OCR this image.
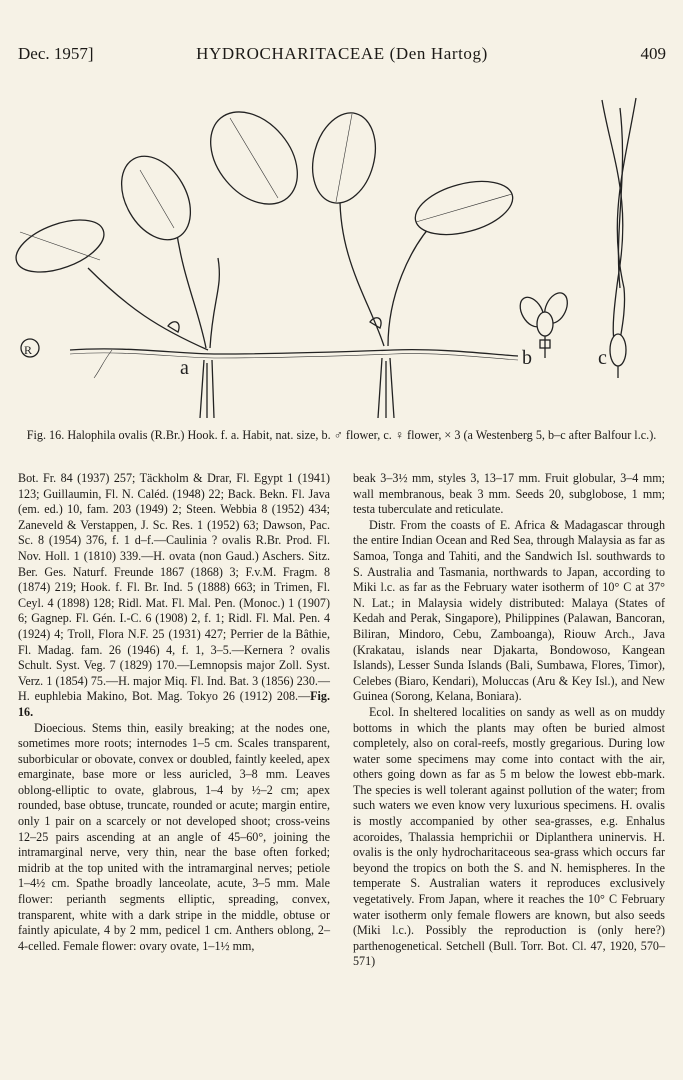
Dec. 1957]	HYDROCHARITACEAE (Den Hartog)	409
R
a	b	c
Fig. 16. Halophila ovalis (R.Br.) Hook. f. a. Habit, nat. size, b. ♂ flower, c. ♀ flower, × 3 (a Westenberg 5, b–c after Balfour l.c.).

Bot. Fr. 84 (1937) 257; Täckholm & Drar, Fl. Egypt 1 (1941) 123; Guillaumin, Fl. N. Caléd. (1948) 22; Back. Bekn. Fl. Java (em. ed.) 10, fam. 203 (1949) 2; Steen. Webbia 8 (1952) 434; Zaneveld & Verstappen, J. Sc. Res. 1 (1952) 63; Dawson, Pac. Sc. 8 (1954) 376, f. 1 d–f.—Caulinia ? ovalis R.Br. Prod. Fl. Nov. Holl. 1 (1810) 339.—H. ovata (non Gaud.) Aschers. Sitz. Ber. Ges. Naturf. Freunde 1867 (1868) 3; F.v.M. Fragm. 8 (1874) 219; Hook. f. Fl. Br. Ind. 5 (1888) 663; in Trimen, Fl. Ceyl. 4 (1898) 128; Ridl. Mat. Fl. Mal. Pen. (Monoc.) 1 (1907) 6; Gagnep. Fl. Gén. I.-C. 6 (1908) 2, f. 1; Ridl. Fl. Mal. Pen. 4 (1924) 4; Troll, Flora N.F. 25 (1931) 427; Perrier de la Bâthie, Fl. Madag. fam. 26 (1946) 4, f. 1, 3–5.—Kernera ? ovalis Schult. Syst. Veg. 7 (1829) 170.—Lemnopsis major Zoll. Syst. Verz. 1 (1854) 75.—H. major Miq. Fl. Ind. Bat. 3 (1856) 230.— H. euphlebia Makino, Bot. Mag. Tokyo 26 (1912) 208.—Fig. 16.

Dioecious. Stems thin, easily breaking; at the nodes one, sometimes more roots; internodes 1–5 cm. Scales transparent, suborbicular or obovate, convex or doubled, faintly keeled, apex emarginate, base more or less auricled, 3–8 mm. Leaves oblong-elliptic to ovate, glabrous, 1–4 by ½–2 cm; apex rounded, base obtuse, truncate, rounded or acute; margin entire, only 1 pair on a scarcely or not developed shoot; cross-veins 12–25 pairs ascending at an angle of 45–60°, joining the intramarginal nerve, very thin, near the base often forked; midrib at the top united with the intramarginal nerves; petiole 1–4½ cm. Spathe broadly lanceolate, acute, 3–5 mm. Male flower: perianth segments elliptic, spreading, convex, transparent, white with a dark stripe in the middle, obtuse or faintly apiculate, 4 by 2 mm, pedicel 1 cm. Anthers oblong, 2–4-celled. Female flower: ovary ovate, 1–1½ mm,

beak 3–3½ mm, styles 3, 13–17 mm. Fruit globular, 3–4 mm; wall membranous, beak 3 mm. Seeds 20, subglobose, 1 mm; testa tuberculate and reticulate.

Distr. From the coasts of E. Africa & Madagascar through the entire Indian Ocean and Red Sea, through Malaysia as far as Samoa, Tonga and Tahiti, and the Sandwich Isl. southwards to S. Australia and Tasmania, northwards to Japan, according to Miki l.c. as far as the February water isotherm of 10° C at 37° N. Lat.; in Malaysia widely distributed: Malaya (States of Kedah and Perak, Singapore), Philippines (Palawan, Bancoran, Biliran, Mindoro, Cebu, Zamboanga), Riouw Arch., Java (Krakatau, islands near Djakarta, Bondowoso, Kangean Islands), Lesser Sunda Islands (Bali, Sumbawa, Flores, Timor), Celebes (Biaro, Kendari), Moluccas (Aru & Key Isl.), and New Guinea (Sorong, Kelana, Boniara).

Ecol. In sheltered localities on sandy as well as on muddy bottoms in which the plants may often be buried almost completely, also on coral-reefs, mostly gregarious. During low water some specimens may come into contact with the air, others going down as far as 5 m below the lowest ebb-mark. The species is well tolerant against pollution of the water; from such waters we even know very luxurious specimens. H. ovalis is mostly accompanied by other sea-grasses, e.g. Enhalus acoroides, Thalassia hemprichii or Diplanthera uninervis. H. ovalis is the only hydrocharitaceous sea-grass which occurs far beyond the tropics on both the S. and N. hemispheres. In the temperate S. Australian waters it reproduces exclusively vegetatively. From Japan, where it reaches the 10° C February water isotherm only female flowers are known, but also seeds (Miki l.c.). Possibly the reproduction is (only here?) parthenogenetical. Setchell (Bull. Torr. Bot. Cl. 47, 1920, 570–571)
